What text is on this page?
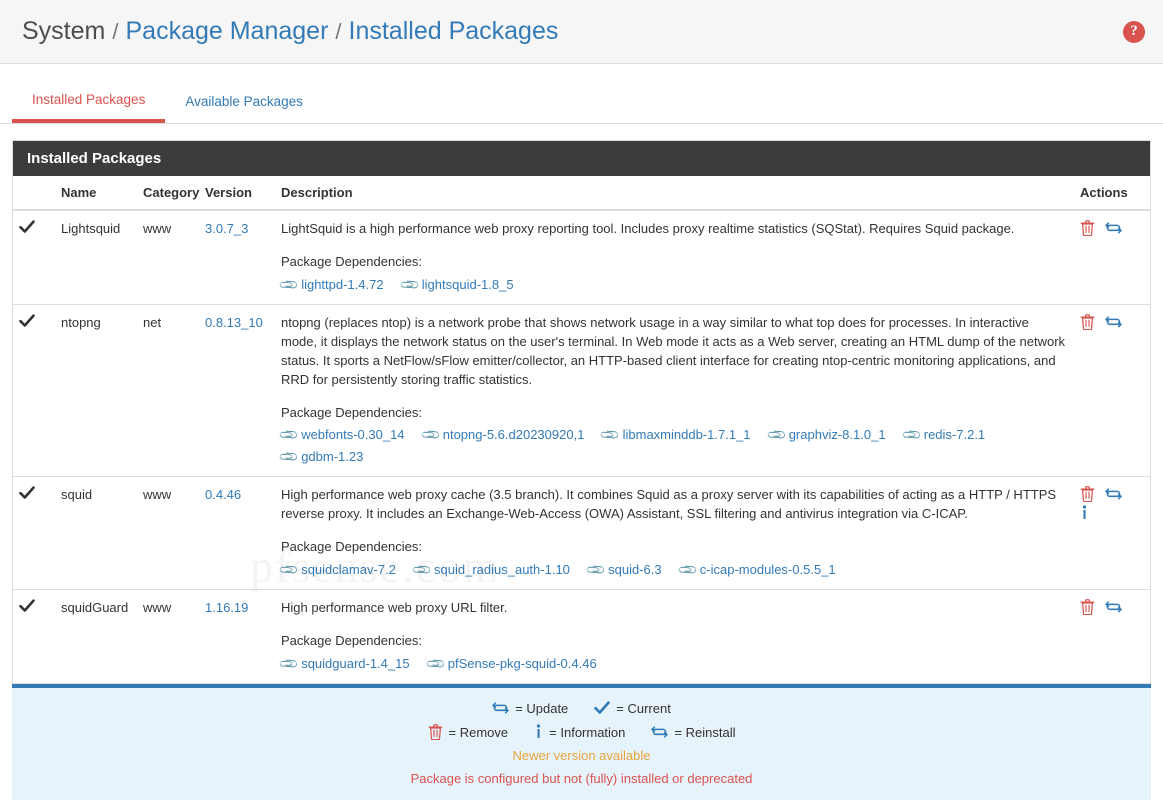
System / Package Manager / Installed Packages	?
Installed Packages	Available Packages
Installed Packages
	Name	Category	Version	Description	Actions

	Lightsquid	www	3.0.7_3	LightSquid is a high performance web proxy reporting tool. Includes proxy realtime statistics (SQStat). Requires Squid package.
Package Dependencies:
📎lighttpd-1.4.72 📎lightsquid-1.8_5

	ntopng	net	0.8.13_10	ntopng (replaces ntop) is a network probe that shows network usage in a way similar to what top does for processes. In interactive mode, it displays the network status on the user's terminal. In Web mode it acts as a Web server, creating an HTML dump of the network status. It sports a NetFlow/sFlow emitter/collector, an HTTP-based client interface for creating ntop-centric monitoring applications, and RRD for persistently storing traffic statistics.
Package Dependencies:
📎webfonts-0.30_14 📎ntopng-5.6.d20230920,1 📎libmaxminddb-1.7.1_1 📎graphviz-8.1.0_1 📎redis-7.2.1
📎gdbm-1.23

	squid	www	0.4.46	High performance web proxy cache (3.5 branch). It combines Squid as a proxy server with its capabilities of acting as a HTTP / HTTPS reverse proxy. It includes an Exchange-Web-Access (OWA) Assistant, SSL filtering and antivirus integration via C-ICAP.
Package Dependencies:
📎squidclamav-7.2 📎squid_radius_auth-1.10 📎squid-6.3 📎c-icap-modules-0.5.5_1

	squidGuard	www	1.16.19	High performance web proxy URL filter.
Package Dependencies:
📎squidguard-1.4_15 📎pfSense-pkg-squid-0.4.46

= Update	= Current
= Remove	= Information	= Reinstall
Newer version available
Package is configured but not (fully) installed or deprecated
